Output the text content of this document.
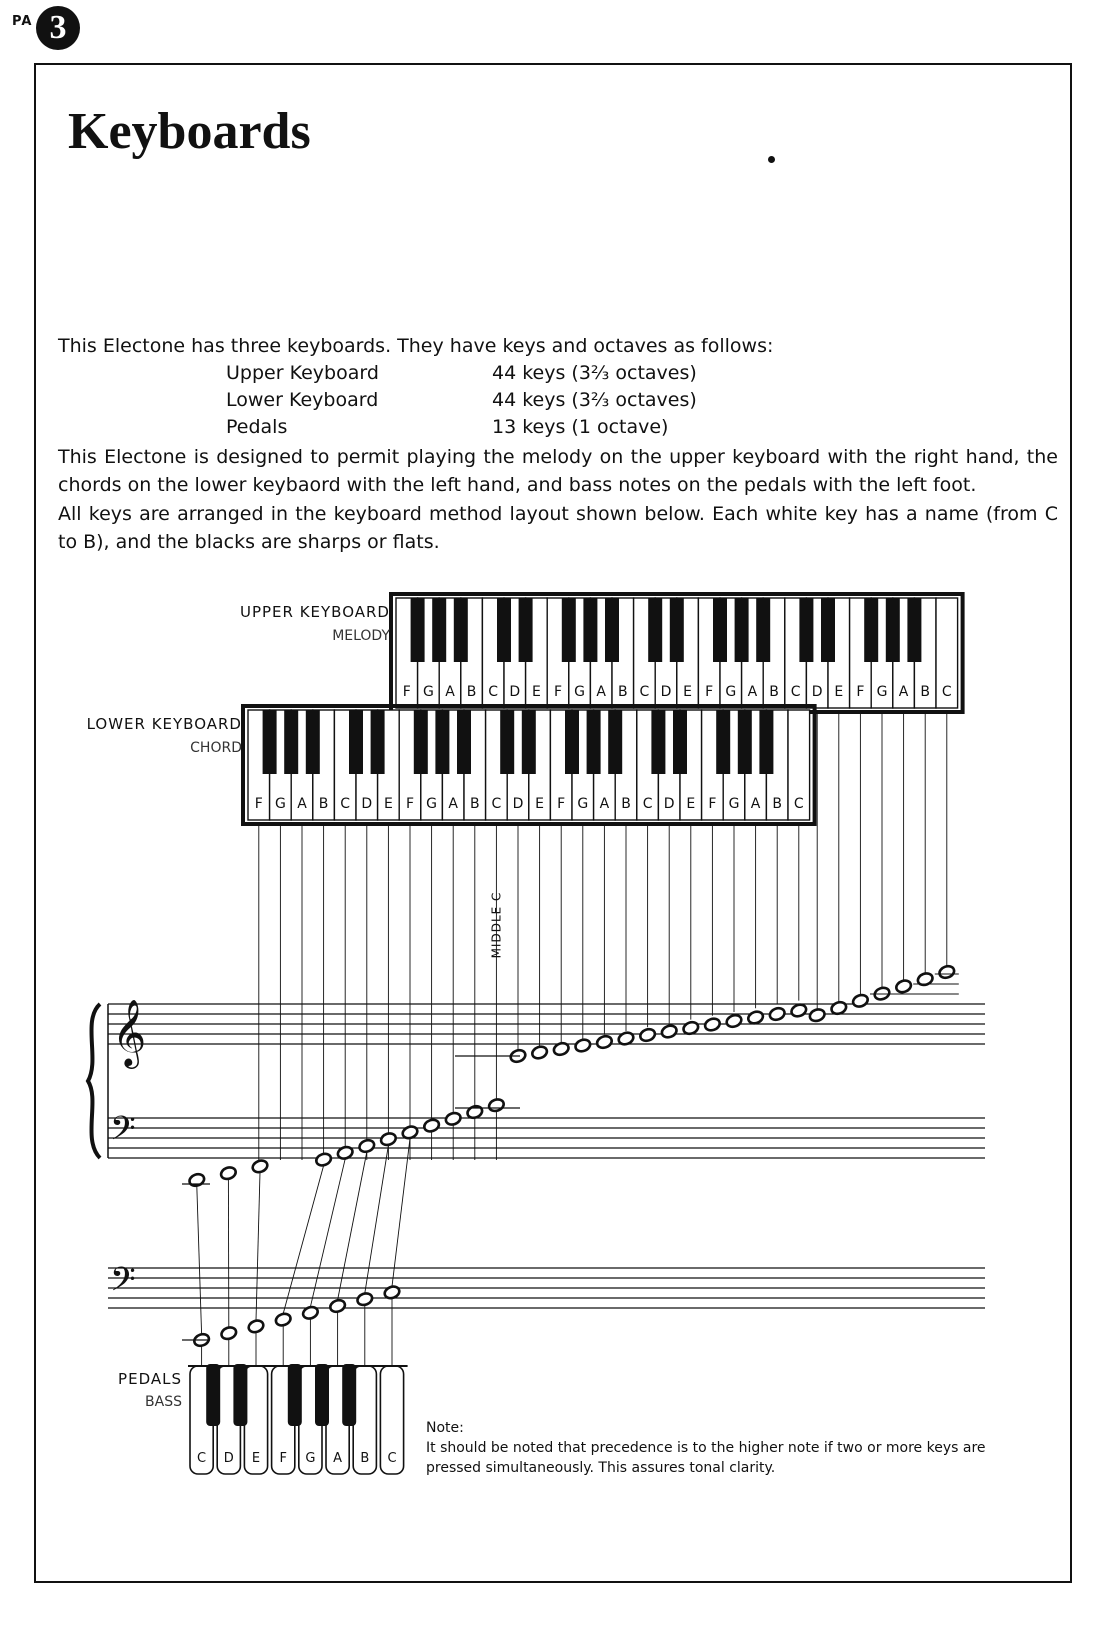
PA 3
Keyboards
This Electone has three keyboards. They have keys and octaves as follows:
Upper Keyboard	44 keys (3⅔ octaves)
Lower Keyboard	44 keys (3⅔ octaves)
Pedals	13 keys (1 octave)
This Electone is designed to permit playing the melody on the upper keyboard with the right hand, the chords on the lower keybaord with the left hand, and bass notes on the pedals with the left foot.
All keys are arranged in the keyboard method layout shown below. Each white key has a name (from C to B), and the blacks are sharps or flats.
𝄞
𝄢
𝄢
F G A B C D E F G A B C D E F G A B C D E F G A B C
F G A B C D E F G A B C D E F G A B C D E F G A B C
C D E F G A B C
UPPER KEYBOARD
MELODY
LOWER KEYBOARD
CHORD
PEDALS
BASS
MIDDLE C
Note:
It should be noted that precedence is to the higher note if two or more keys are pressed simultaneously. This assures tonal clarity.
